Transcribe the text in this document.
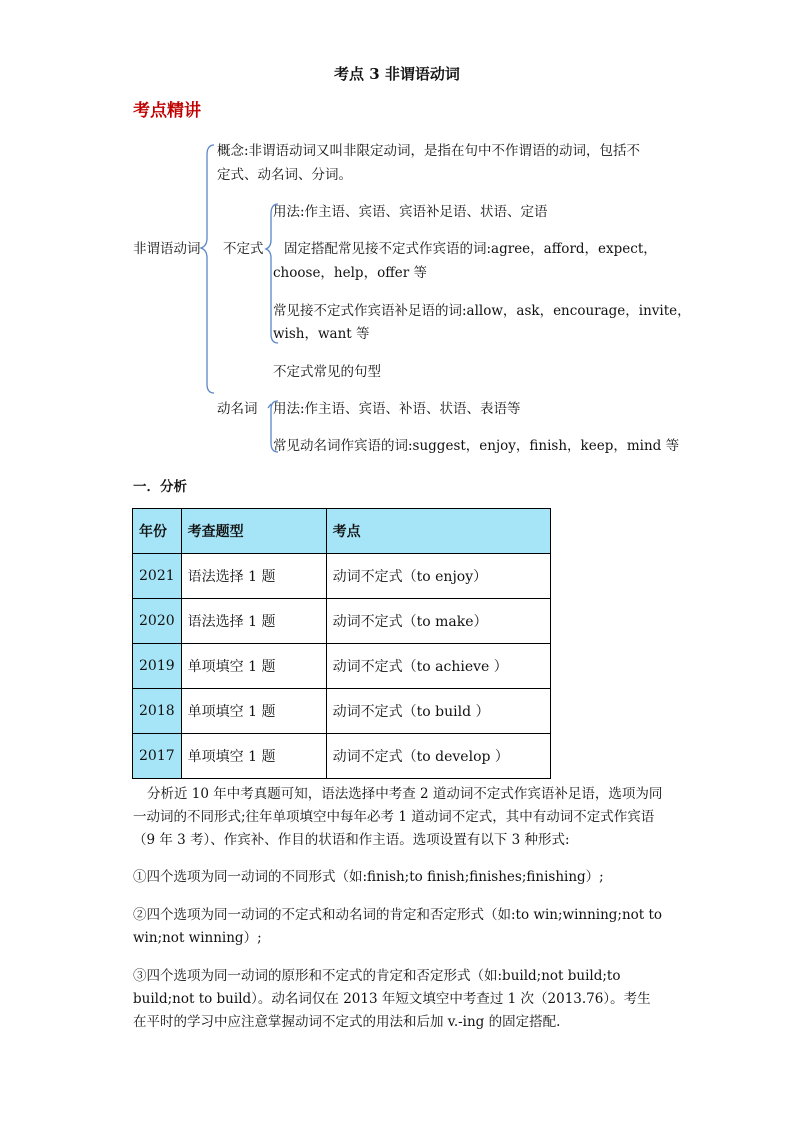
考点 3 非谓语动词
考点精讲
非谓语动词
概念:非谓语动词又叫非限定动词，是指在句中不作谓语的动词，包括不
定式、动名词、分词。
不定式
用法:作主语、宾语、宾语补足语、状语、定语
固定搭配常见接不定式作宾语的词:agree，afford，expect，
choose，help，offer 等
常见接不定式作宾语补足语的词:allow，ask，encourage，invite，
wish，want 等
不定式常见的句型
动名词 用法:作主语、宾语、补语、状语、表语等
常见动名词作宾语的词:suggest，enjoy，finish，keep，mind 等
一．分析
年份	考查题型	考点
2021	语法选择 1 题	动词不定式（to enjoy）
2020	语法选择 1 题	动词不定式（to make）
2019	单项填空 1 题	动词不定式（to achieve ）
2018	单项填空 1 题	动词不定式（to build ）
2017	单项填空 1 题	动词不定式（to develop ）
分析近 10 年中考真题可知，语法选择中考查 2 道动词不定式作宾语补足语，选项为同一动词的不同形式;往年单项填空中每年必考 1 道动词不定式，其中有动词不定式作宾语（9 年 3 考）、作宾补、作目的状语和作主语。选项设置有以下 3 种形式:
①四个选项为同一动词的不同形式（如:finish;to finish;finishes;finishing）;
②四个选项为同一动词的不定式和动名词的肯定和否定形式（如:to win;winning;not to win;not winning）;
③四个选项为同一动词的原形和不定式的肯定和否定形式（如:build;not build;to build;not to build）。动名词仅在 2013 年短文填空中考查过 1 次（2013.76）。考生在平时的学习中应注意掌握动词不定式的用法和后加 v.-ing 的固定搭配.
